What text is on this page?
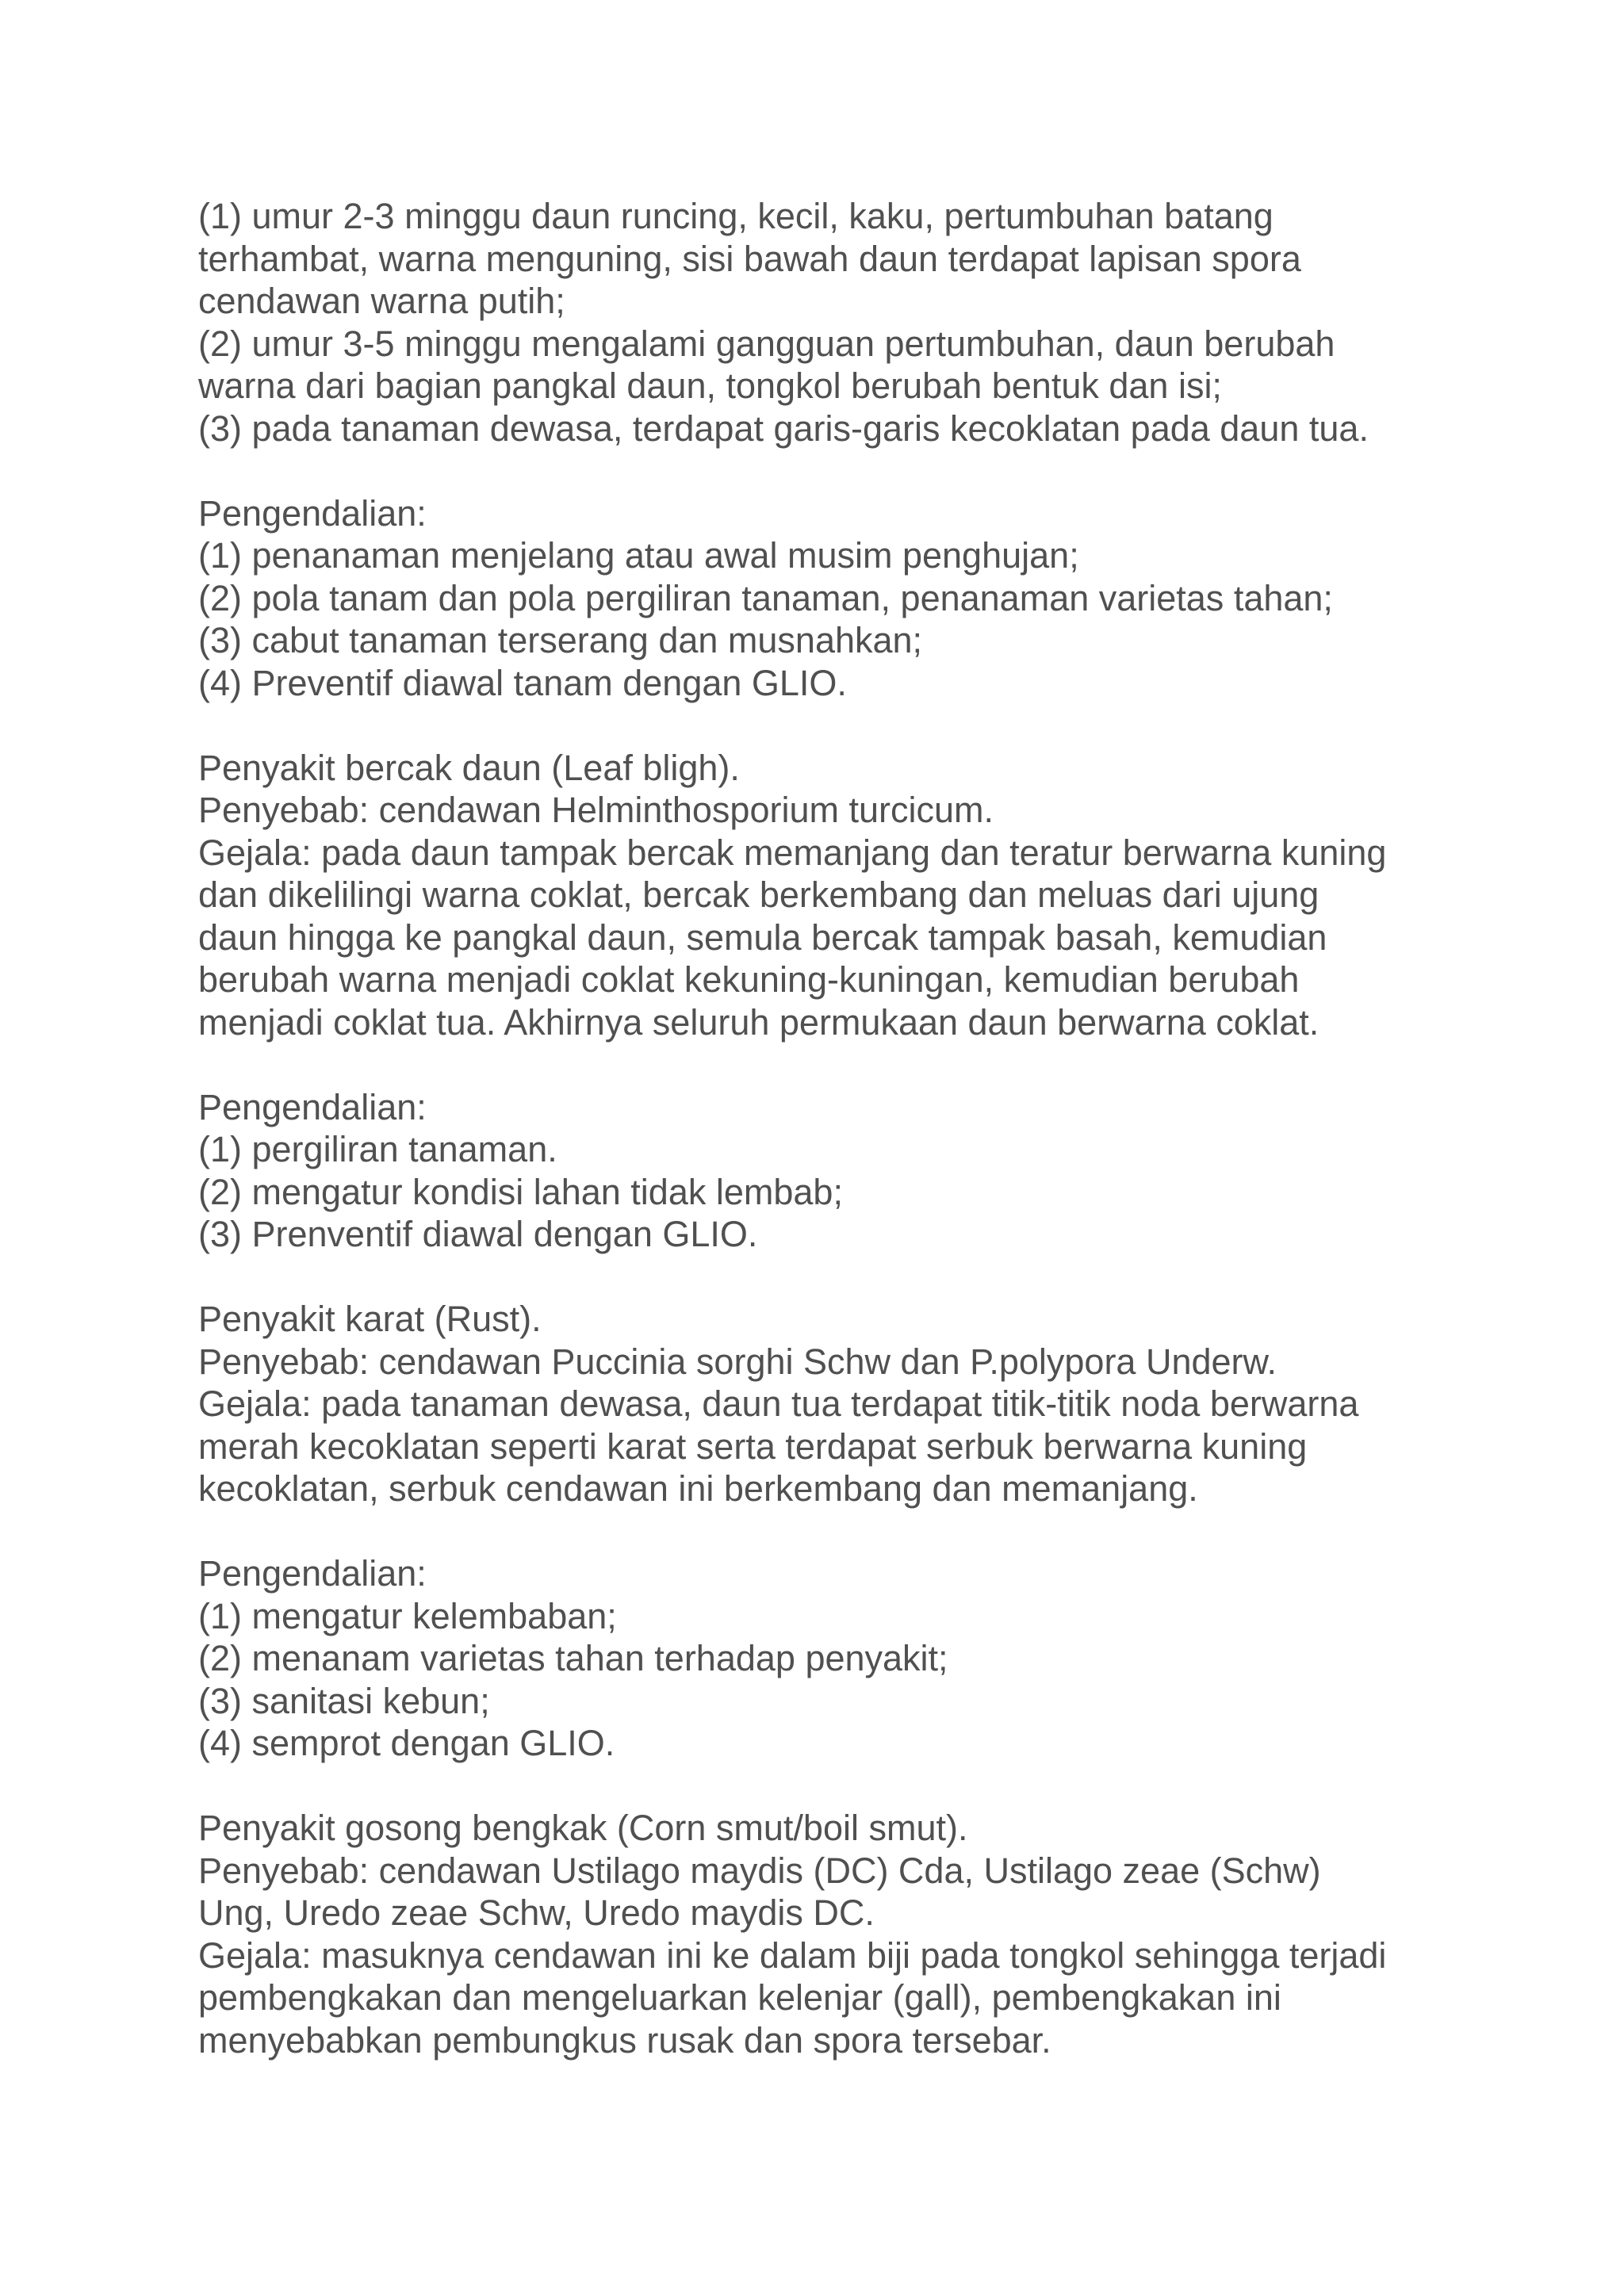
(1) umur 2-3 minggu daun runcing, kecil, kaku, pertumbuhan batang

terhambat, warna menguning, sisi bawah daun terdapat lapisan spora

cendawan warna putih;

(2) umur 3-5 minggu mengalami gangguan pertumbuhan, daun berubah

warna dari bagian pangkal daun, tongkol berubah bentuk dan isi;

(3) pada tanaman dewasa, terdapat garis-garis kecoklatan pada daun tua.

Pengendalian:

(1) penanaman menjelang atau awal musim penghujan;

(2) pola tanam dan pola pergiliran tanaman, penanaman varietas tahan;

(3) cabut tanaman terserang dan musnahkan;

(4) Preventif diawal tanam dengan GLIO.

Penyakit bercak daun (Leaf bligh).

Penyebab: cendawan Helminthosporium turcicum.

Gejala: pada daun tampak bercak memanjang dan teratur berwarna kuning

dan dikelilingi warna coklat, bercak berkembang dan meluas dari ujung

daun hingga ke pangkal daun, semula bercak tampak basah, kemudian

berubah warna menjadi coklat kekuning-kuningan, kemudian berubah

menjadi coklat tua. Akhirnya seluruh permukaan daun berwarna coklat.

Pengendalian:

(1) pergiliran tanaman.

(2) mengatur kondisi lahan tidak lembab;

(3) Prenventif diawal dengan GLIO.

Penyakit karat (Rust).

Penyebab: cendawan Puccinia sorghi Schw dan P.polypora Underw.

Gejala: pada tanaman dewasa, daun tua terdapat titik-titik noda berwarna

merah kecoklatan seperti karat serta terdapat serbuk berwarna kuning

kecoklatan, serbuk cendawan ini berkembang dan memanjang.

Pengendalian:

(1) mengatur kelembaban;

(2) menanam varietas tahan terhadap penyakit;

(3) sanitasi kebun;

(4) semprot dengan GLIO.

Penyakit gosong bengkak (Corn smut/boil smut).

Penyebab: cendawan Ustilago maydis (DC) Cda, Ustilago zeae (Schw)

Ung, Uredo zeae Schw, Uredo maydis DC.

Gejala: masuknya cendawan ini ke dalam biji pada tongkol sehingga terjadi

pembengkakan dan mengeluarkan kelenjar (gall), pembengkakan ini

menyebabkan pembungkus rusak dan spora tersebar.
